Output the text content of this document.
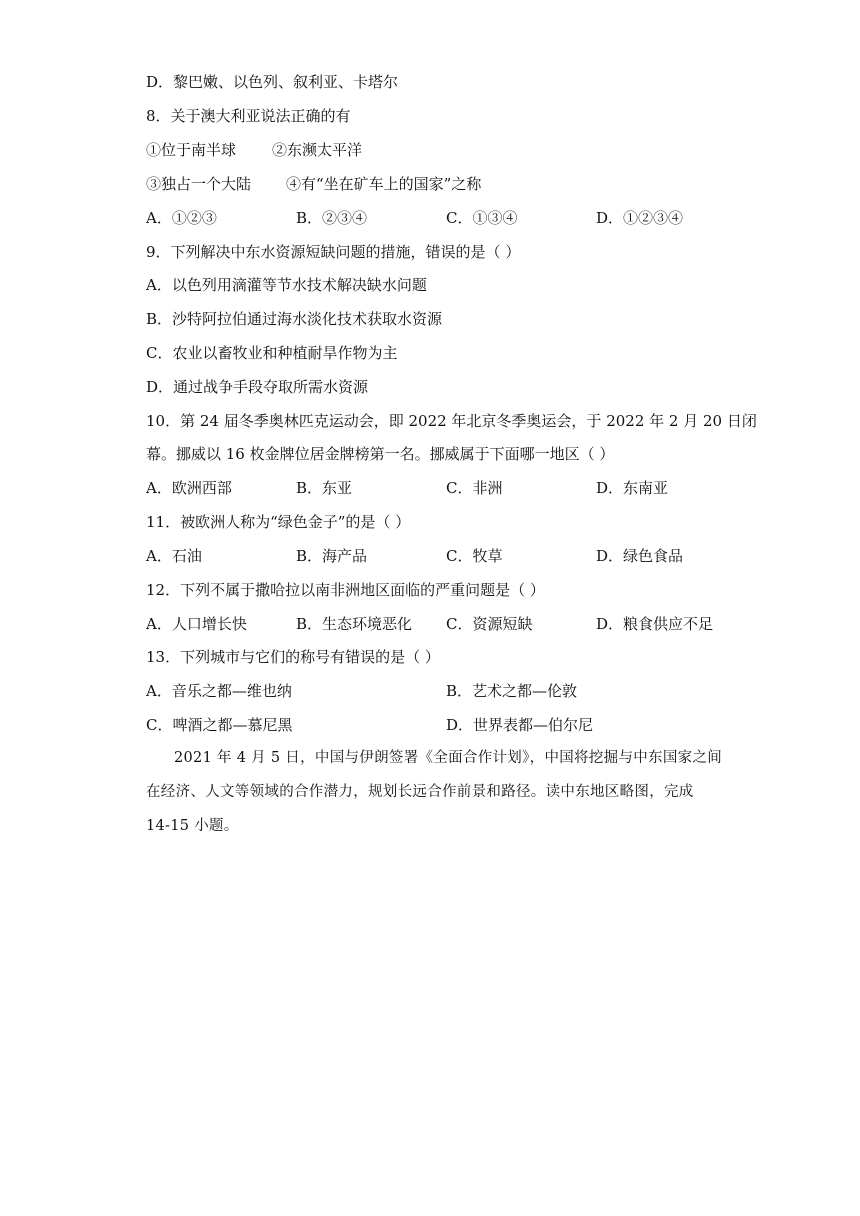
D．黎巴嫩、以色列、叙利亚、卡塔尔
8．关于澳大利亚说法正确的有
①位于南半球 ②东濒太平洋
③独占一个大陆 ④有“坐在矿车上的国家”之称
A．①②③	B．②③④	C．①③④	D．①②③④
9．下列解决中东水资源短缺问题的措施，错误的是（ ）
A．以色列用滴灌等节水技术解决缺水问题
B．沙特阿拉伯通过海水淡化技术获取水资源
C．农业以畜牧业和种植耐旱作物为主
D．通过战争手段夺取所需水资源
10．第 24 届冬季奥林匹克运动会，即 2022 年北京冬季奥运会，于 2022 年 2 月 20 日闭
幕。挪威以 16 枚金牌位居金牌榜第一名。挪威属于下面哪一地区（ ）
A．欧洲西部	B．东亚	C．非洲	D．东南亚
11．被欧洲人称为“绿色金子”的是（ ）
A．石油	B．海产品	C．牧草	D．绿色食品
12．下列不属于撒哈拉以南非洲地区面临的严重问题是（ ）
A．人口增长快	B．生态环境恶化 C．资源短缺	D．粮食供应不足
13．下列城市与它们的称号有错误的是（ ）
A．音乐之都—维也纳	B．艺术之都—伦敦
C．啤酒之都—慕尼黑	D．世界表都—伯尔尼
2021 年 4 月 5 日，中国与伊朗签署《全面合作计划》，中国将挖掘与中东国家之间
在经济、人文等领域的合作潜力，规划长远合作前景和路径。读中东地区略图，完成
14-15 小题。
